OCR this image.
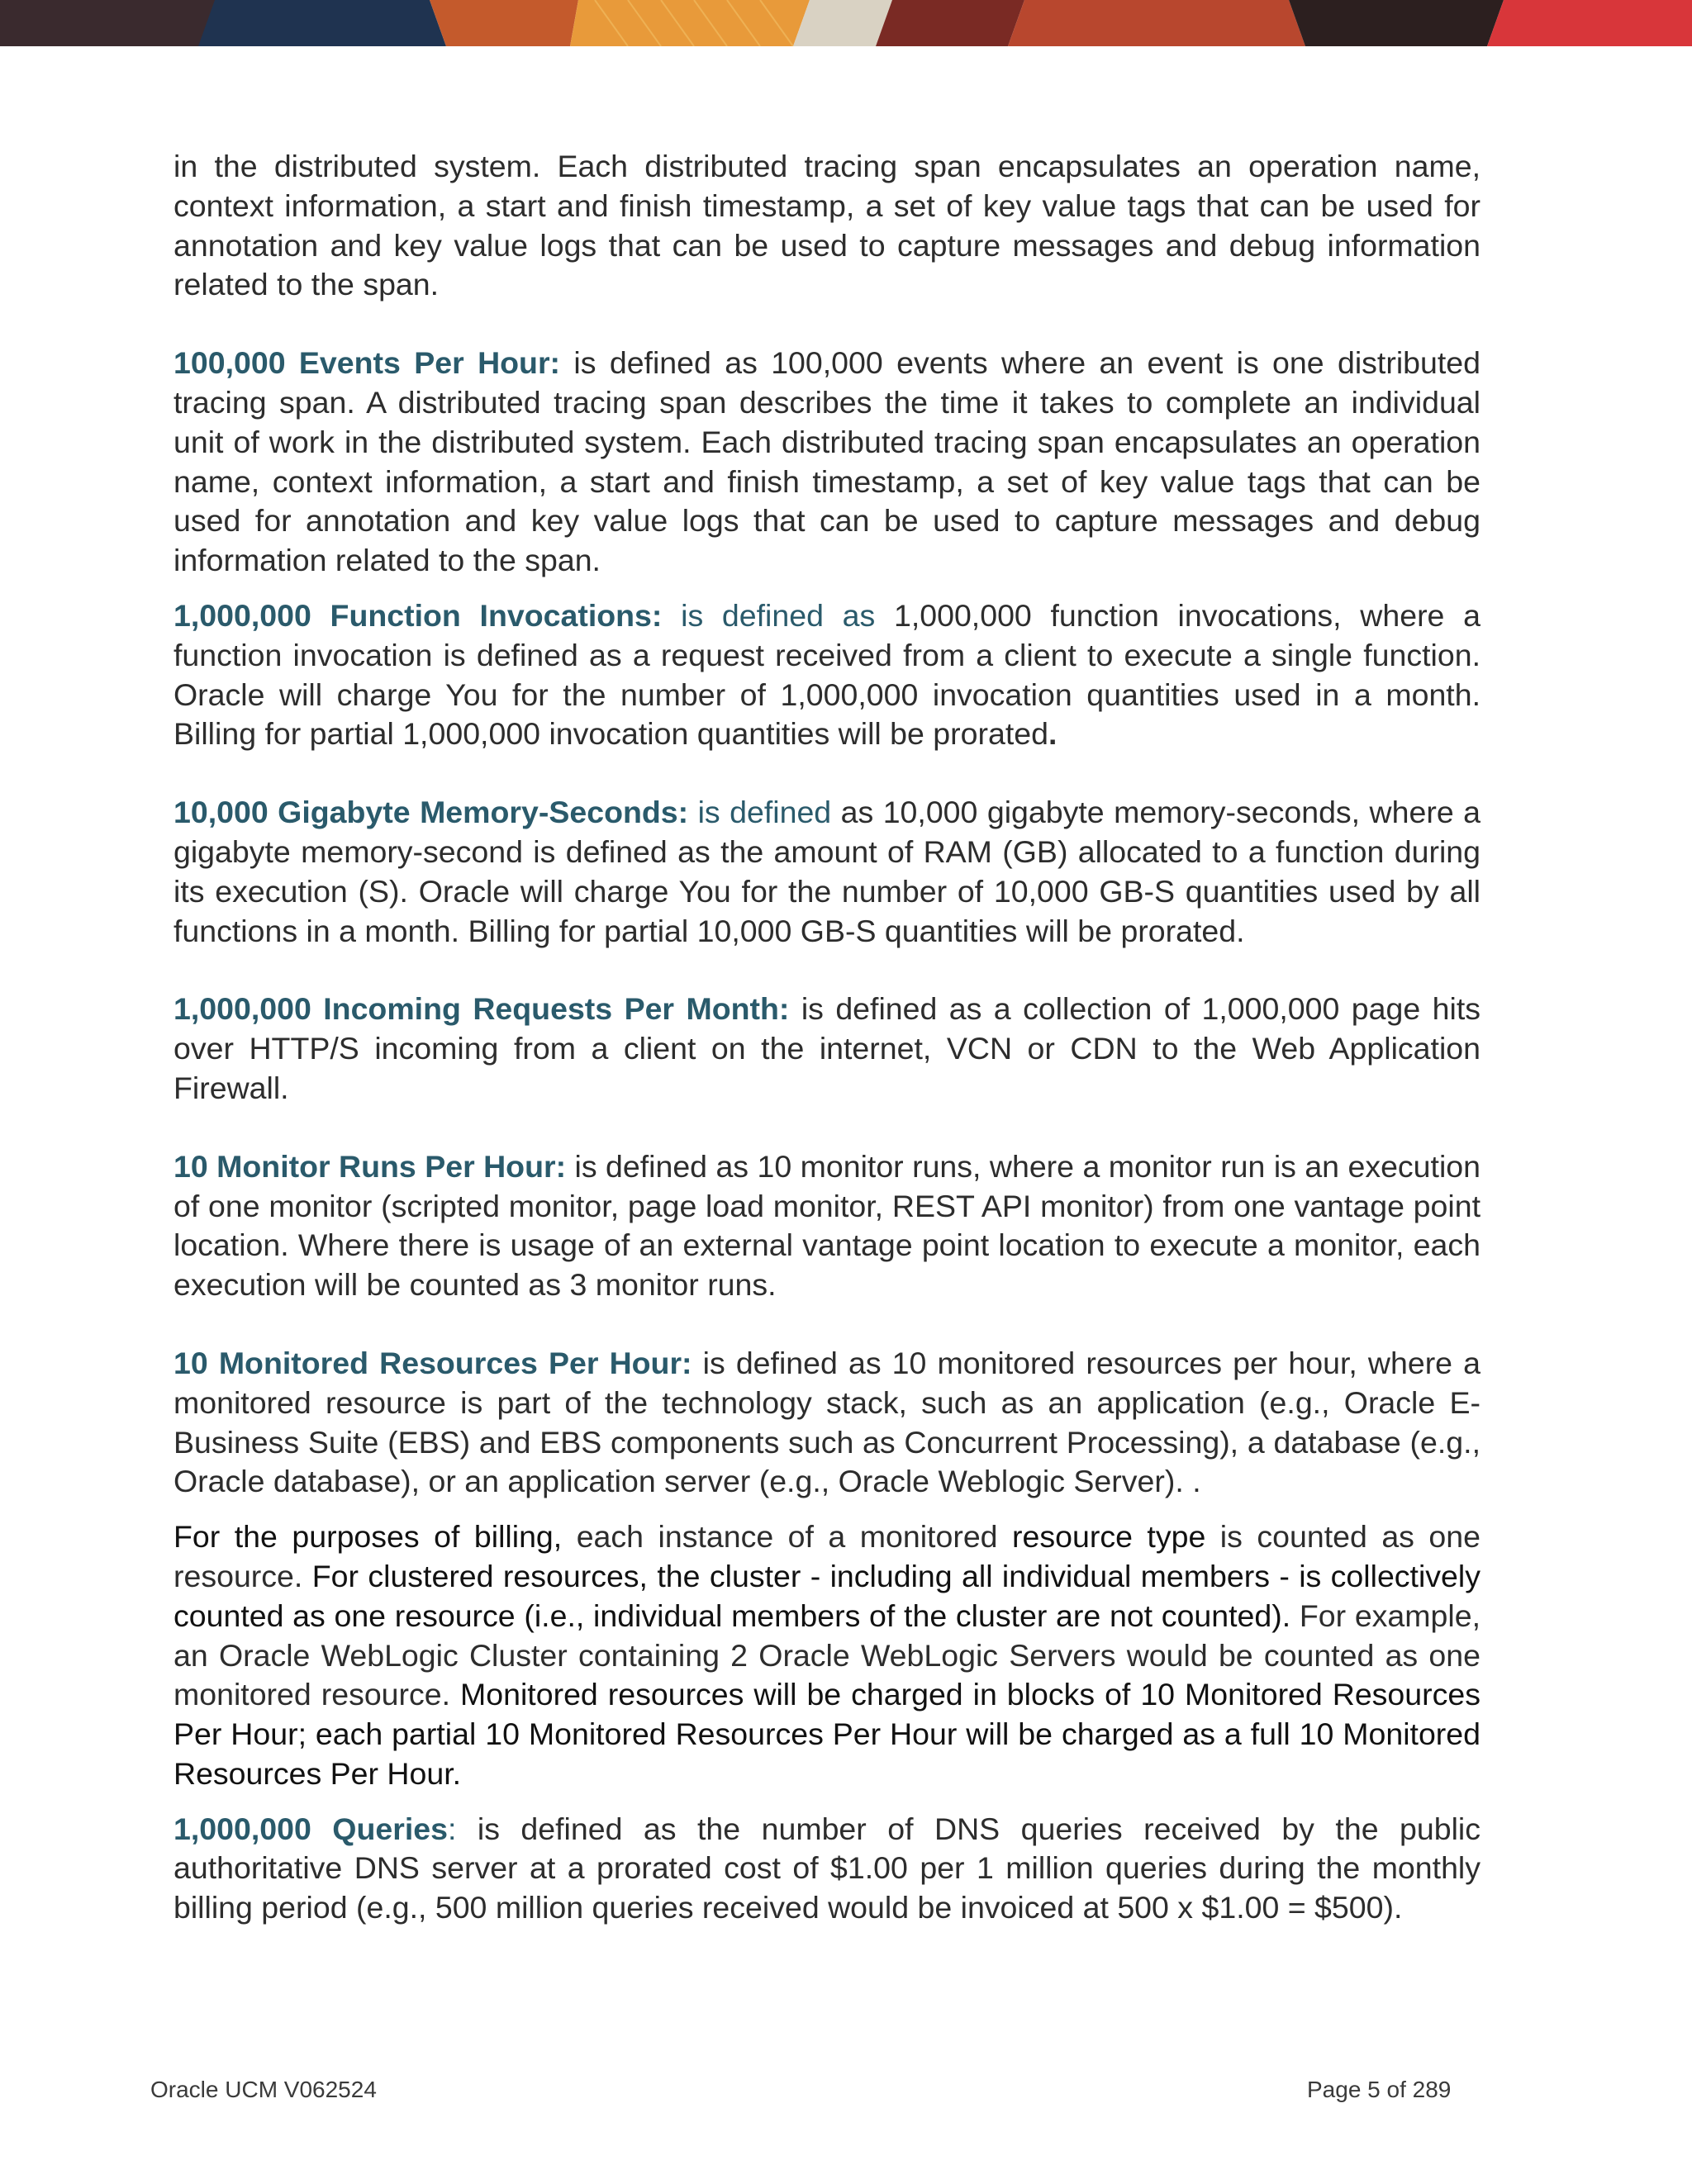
in the distributed system. Each distributed tracing span encapsulates an operation name, context information, a start and finish timestamp, a set of key value tags that can be used for annotation and key value logs that can be used to capture messages and debug information related to the span.

100,000 Events Per Hour: is defined as 100,000 events where an event is one distributed tracing span. A distributed tracing span describes the time it takes to complete an individual unit of work in the distributed system. Each distributed tracing span encapsulates an operation name, context information, a start and finish timestamp, a set of key value tags that can be used for annotation and key value logs that can be used to capture messages and debug information related to the span.

1,000,000 Function Invocations: is defined as 1,000,000 function invocations, where a function invocation is defined as a request received from a client to execute a single function. Oracle will charge You for the number of 1,000,000 invocation quantities used in a month. Billing for partial 1,000,000 invocation quantities will be prorated.

10,000 Gigabyte Memory-Seconds: is defined as 10,000 gigabyte memory-seconds, where a gigabyte memory-second is defined as the amount of RAM (GB) allocated to a function during its execution (S). Oracle will charge You for the number of 10,000 GB-S quantities used by all functions in a month. Billing for partial 10,000 GB-S quantities will be prorated.

1,000,000 Incoming Requests Per Month: is defined as a collection of 1,000,000 page hits over HTTP/S incoming from a client on the internet, VCN or CDN to the Web Application Firewall.

10 Monitor Runs Per Hour: is defined as 10 monitor runs, where a monitor run is an execution of one monitor (scripted monitor, page load monitor, REST API monitor) from one vantage point location. Where there is usage of an external vantage point location to execute a monitor, each execution will be counted as 3 monitor runs.

10 Monitored Resources Per Hour: is defined as 10 monitored resources per hour, where a monitored resource is part of the technology stack, such as an application (e.g., Oracle E-Business Suite (EBS) and EBS components such as Concurrent Processing), a database (e.g., Oracle database), or an application server (e.g., Oracle Weblogic Server). .

For the purposes of billing, each instance of a monitored resource type is counted as one resource. For clustered resources, the cluster - including all individual members - is collectively counted as one resource (i.e., individual members of the cluster are not counted). For example, an Oracle WebLogic Cluster containing 2 Oracle WebLogic Servers would be counted as one monitored resource. Monitored resources will be charged in blocks of 10 Monitored Resources Per Hour; each partial 10 Monitored Resources Per Hour will be charged as a full 10 Monitored Resources Per Hour.

1,000,000 Queries: is defined as the number of DNS queries received by the public authoritative DNS server at a prorated cost of $1.00 per 1 million queries during the monthly billing period (e.g., 500 million queries received would be invoiced at 500 x $1.00 = $500).

Oracle UCM V062524	Page 5 of 289
